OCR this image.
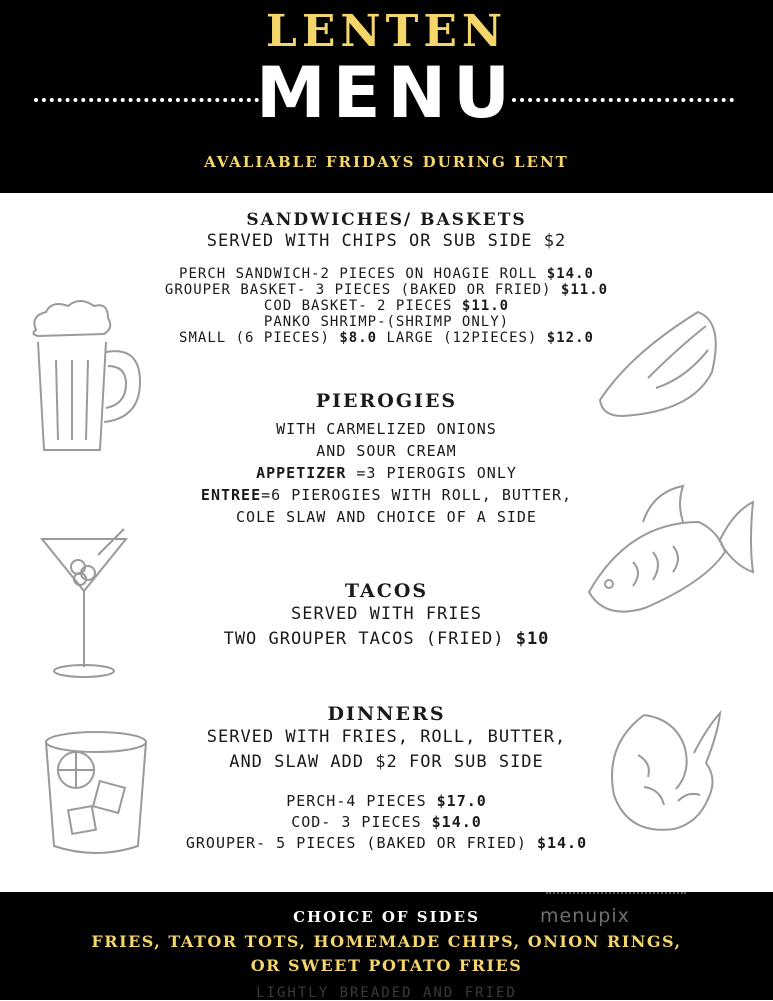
LENTEN
MENU
AVALIABLE FRIDAYS DURING LENT
SANDWICHES/ BASKETS
SERVED WITH CHIPS OR SUB SIDE $2
PERCH SANDWICH-2 PIECES ON HOAGIE ROLL $14.0
GROUPER BASKET- 3 PIECES (BAKED OR FRIED) $11.0
COD BASKET- 2 PIECES $11.0
PANKO SHRIMP-(SHRIMP ONLY)
SMALL (6 PIECES) $8.0 LARGE (12PIECES) $12.0
PIEROGIES
WITH CARMELIZED ONIONS
AND SOUR CREAM
APPETIZER =3 PIEROGIS ONLY
ENTREE=6 PIEROGIES WITH ROLL, BUTTER,
COLE SLAW AND CHOICE OF A SIDE
TACOS
SERVED WITH FRIES
TWO GROUPER TACOS (FRIED) $10
DINNERS
SERVED WITH FRIES, ROLL, BUTTER,
AND SLAW ADD $2 FOR SUB SIDE
PERCH-4 PIECES $17.0
COD- 3 PIECES $14.0
GROUPER- 5 PIECES (BAKED OR FRIED) $14.0
menupix
CHOICE OF SIDES
FRIES, TATOR TOTS, HOMEMADE CHIPS, ONION RINGS,
OR SWEET POTATO FRIES
LIGHTLY BREADED AND FRIED
